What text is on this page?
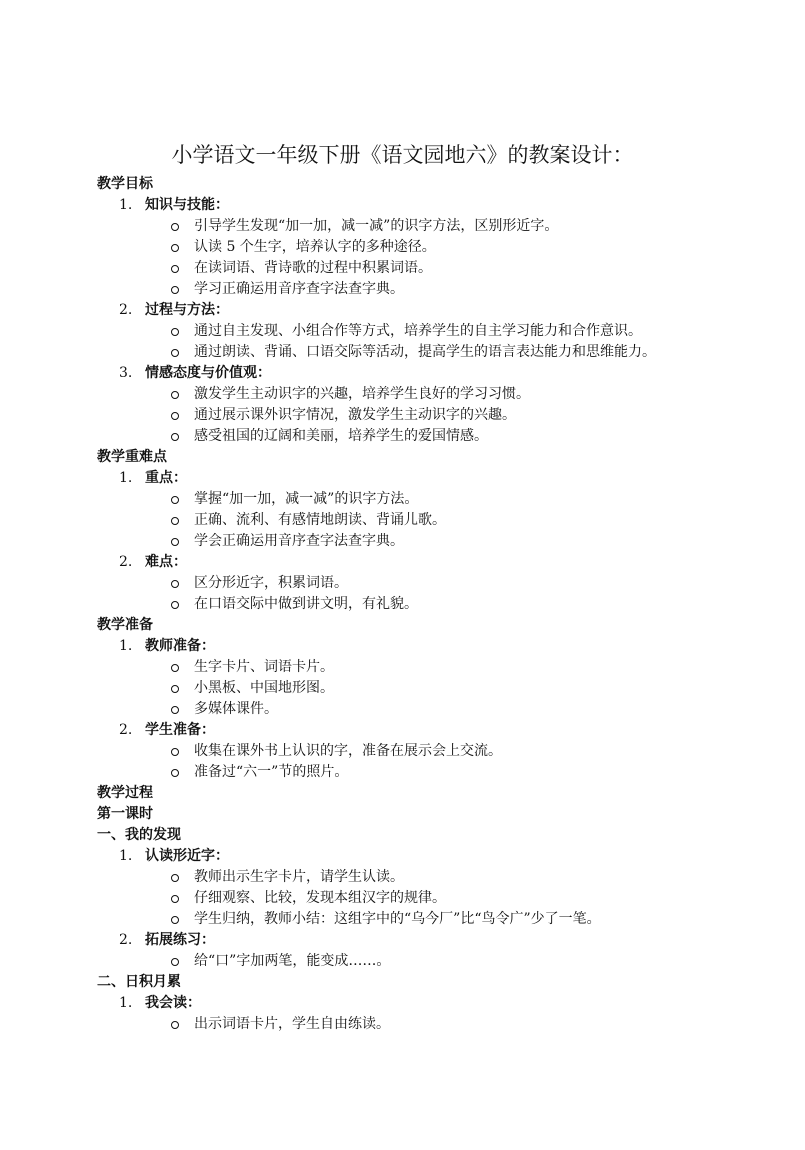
小学语文一年级下册《语文园地六》的教案设计：
教学目标
1. 知识与技能：
引导学生发现“加一加，减一减”的识字方法，区别形近字。
认读 5 个生字，培养认字的多种途径。
在读词语、背诗歌的过程中积累词语。
学习正确运用音序查字法查字典。
2. 过程与方法：
通过自主发现、小组合作等方式，培养学生的自主学习能力和合作意识。
通过朗读、背诵、口语交际等活动，提高学生的语言表达能力和思维能力。
3. 情感态度与价值观：
激发学生主动识字的兴趣，培养学生良好的学习习惯。
通过展示课外识字情况，激发学生主动识字的兴趣。
感受祖国的辽阔和美丽，培养学生的爱国情感。
教学重难点
1. 重点：
掌握“加一加，减一减”的识字方法。
正确、流利、有感情地朗读、背诵儿歌。
学会正确运用音序查字法查字典。
2. 难点：
区分形近字，积累词语。
在口语交际中做到讲文明，有礼貌。
教学准备
1. 教师准备：
生字卡片、词语卡片。
小黑板、中国地形图。
多媒体课件。
2. 学生准备：
收集在课外书上认识的字，准备在展示会上交流。
准备过“六一”节的照片。
教学过程
第一课时
一、我的发现
1. 认读形近字：
教师出示生字卡片，请学生认读。
仔细观察、比较，发现本组汉字的规律。
学生归纳，教师小结：这组字中的“乌今厂”比“鸟令广”少了一笔。
2. 拓展练习：
给“口”字加两笔，能变成……。
二、日积月累
1. 我会读：
出示词语卡片，学生自由练读。
